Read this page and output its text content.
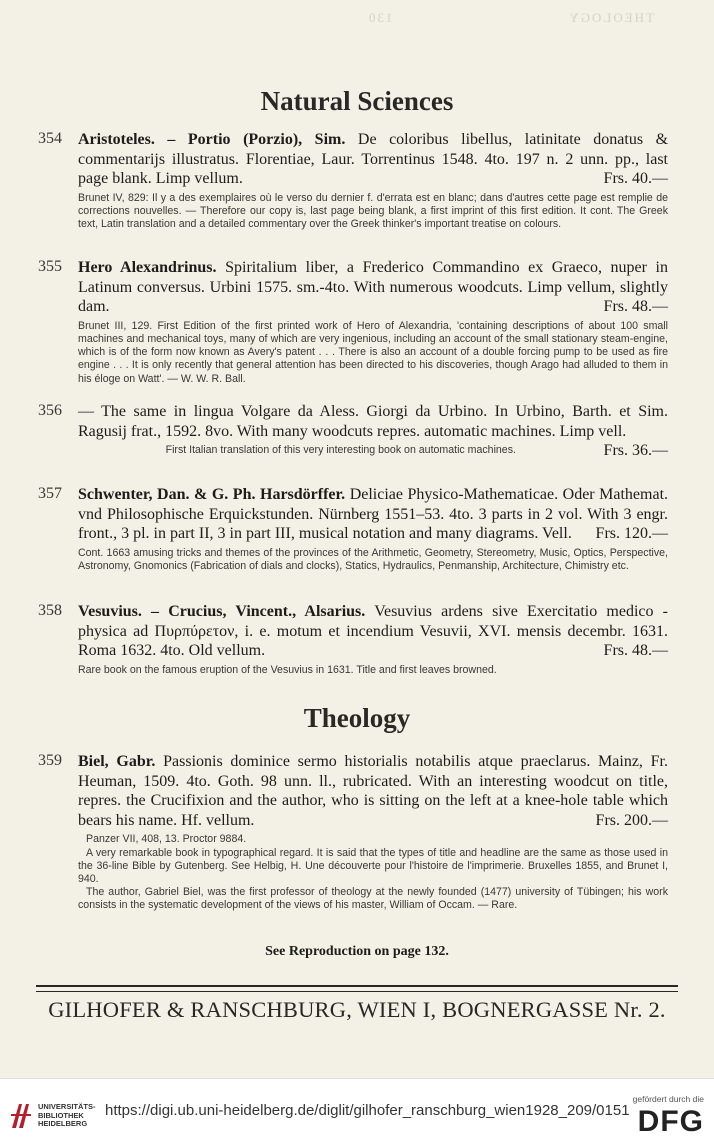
THEOLOGY 130
Natural Sciences
354 Aristoteles. – Portio (Porzio), Sim. De coloribus libellus, latinitate donatus & commentarijs illustratus. Florentiae, Laur. Torrentinus 1548. 4to. 197 n. 2 unn. pp., last page blank. Limp vellum.	Frs. 40.—

Brunet IV, 829: Il y a des exemplaires où le verso du dernier f. d'errata est en blanc; dans d'autres cette page est remplie de corrections nouvelles. — Therefore our copy is, last page being blank, a first imprint of this first edition. It cont. The Greek text, Latin translation and a detailed commentary over the Greek thinker's important treatise on colours.

355 Hero Alexandrinus. Spiritalium liber, a Frederico Commandino ex Graeco, nuper in Latinum conversus. Urbini 1575. sm.-4to. With numerous woodcuts. Limp vellum, slightly dam.	Frs. 48.—

Brunet III, 129. First Edition of the first printed work of Hero of Alexandria, 'containing descriptions of about 100 small machines and mechanical toys, many of which are very ingenious, including an account of the small stationary steam-engine, which is of the form now known as Avery's patent . . . There is also an account of a double forcing pump to be used as fire engine . . . It is only recently that general attention has been directed to his discoveries, though Arago had alluded to them in his éloge on Watt'. — W. W. R. Ball.

356 — The same in lingua Volgare da Aless. Giorgi da Urbino. In Urbino, Barth. et Sim. Ragusij frat., 1592. 8vo. With many woodcuts repres. automatic machines. Limp vell.
Frs. 36.—

First Italian translation of this very interesting book on automatic machines.

357 Schwenter, Dan. & G. Ph. Harsdörffer. Deliciae Physico-Mathematicae. Oder Mathemat. vnd Philosophische Erquickstunden. Nürnberg 1551–53. 4to. 3 parts in 2 vol. With 3 engr. front., 3 pl. in part II, 3 in part III, musical notation and many diagrams. Vell. Frs. 120.—

Cont. 1663 amusing tricks and themes of the provinces of the Arithmetic, Geometry, Stereometry, Music, Optics, Perspective, Astronomy, Gnomonics (Fabrication of dials and clocks), Statics, Hydraulics, Penmanship, Architecture, Chimistry etc.

358 Vesuvius. – Crucius, Vincent., Alsarius. Vesuvius ardens sive Exercitatio medico - physica ad Πυρπύρετον, i. e. motum et incendium Vesuvii, XVI. mensis decembr. 1631. Roma 1632. 4to. Old vellum.	Frs. 48.—

Rare book on the famous eruption of the Vesuvius in 1631. Title and first leaves browned.

Theology
359 Biel, Gabr. Passionis dominice sermo historialis notabilis atque praeclarus. Mainz, Fr. Heuman, 1509. 4to. Goth. 98 unn. ll., rubricated. With an interesting woodcut on title, repres. the Crucifixion and the author, who is sitting on the left at a knee-hole table which bears his name. Hf. vellum.	Frs. 200.—

Panzer VII, 408, 13. Proctor 9884.

A very remarkable book in typographical regard. It is said that the types of title and headline are the same as those used in the 36-line Bible by Gutenberg. See Helbig, H. Une découverte pour l'histoire de l'imprimerie. Bruxelles 1855, and Brunet I, 940.

The author, Gabriel Biel, was the first professor of theology at the newly founded (1477) university of Tübingen; his work consists in the systematic development of the views of his master, William of Occam. — Rare.

See Reproduction on page 132.
GILHOFER & RANSCHBURG, WIEN I, BOGNERGASSE Nr. 2.
UNIVERSITÄTS-
BIBLIOTHEK
HEIDELBERG
https://digi.ub.uni-heidelberg.de/diglit/gilhofer_ranschburg_wien1928_209/0151
gefördert durch die
DFG
